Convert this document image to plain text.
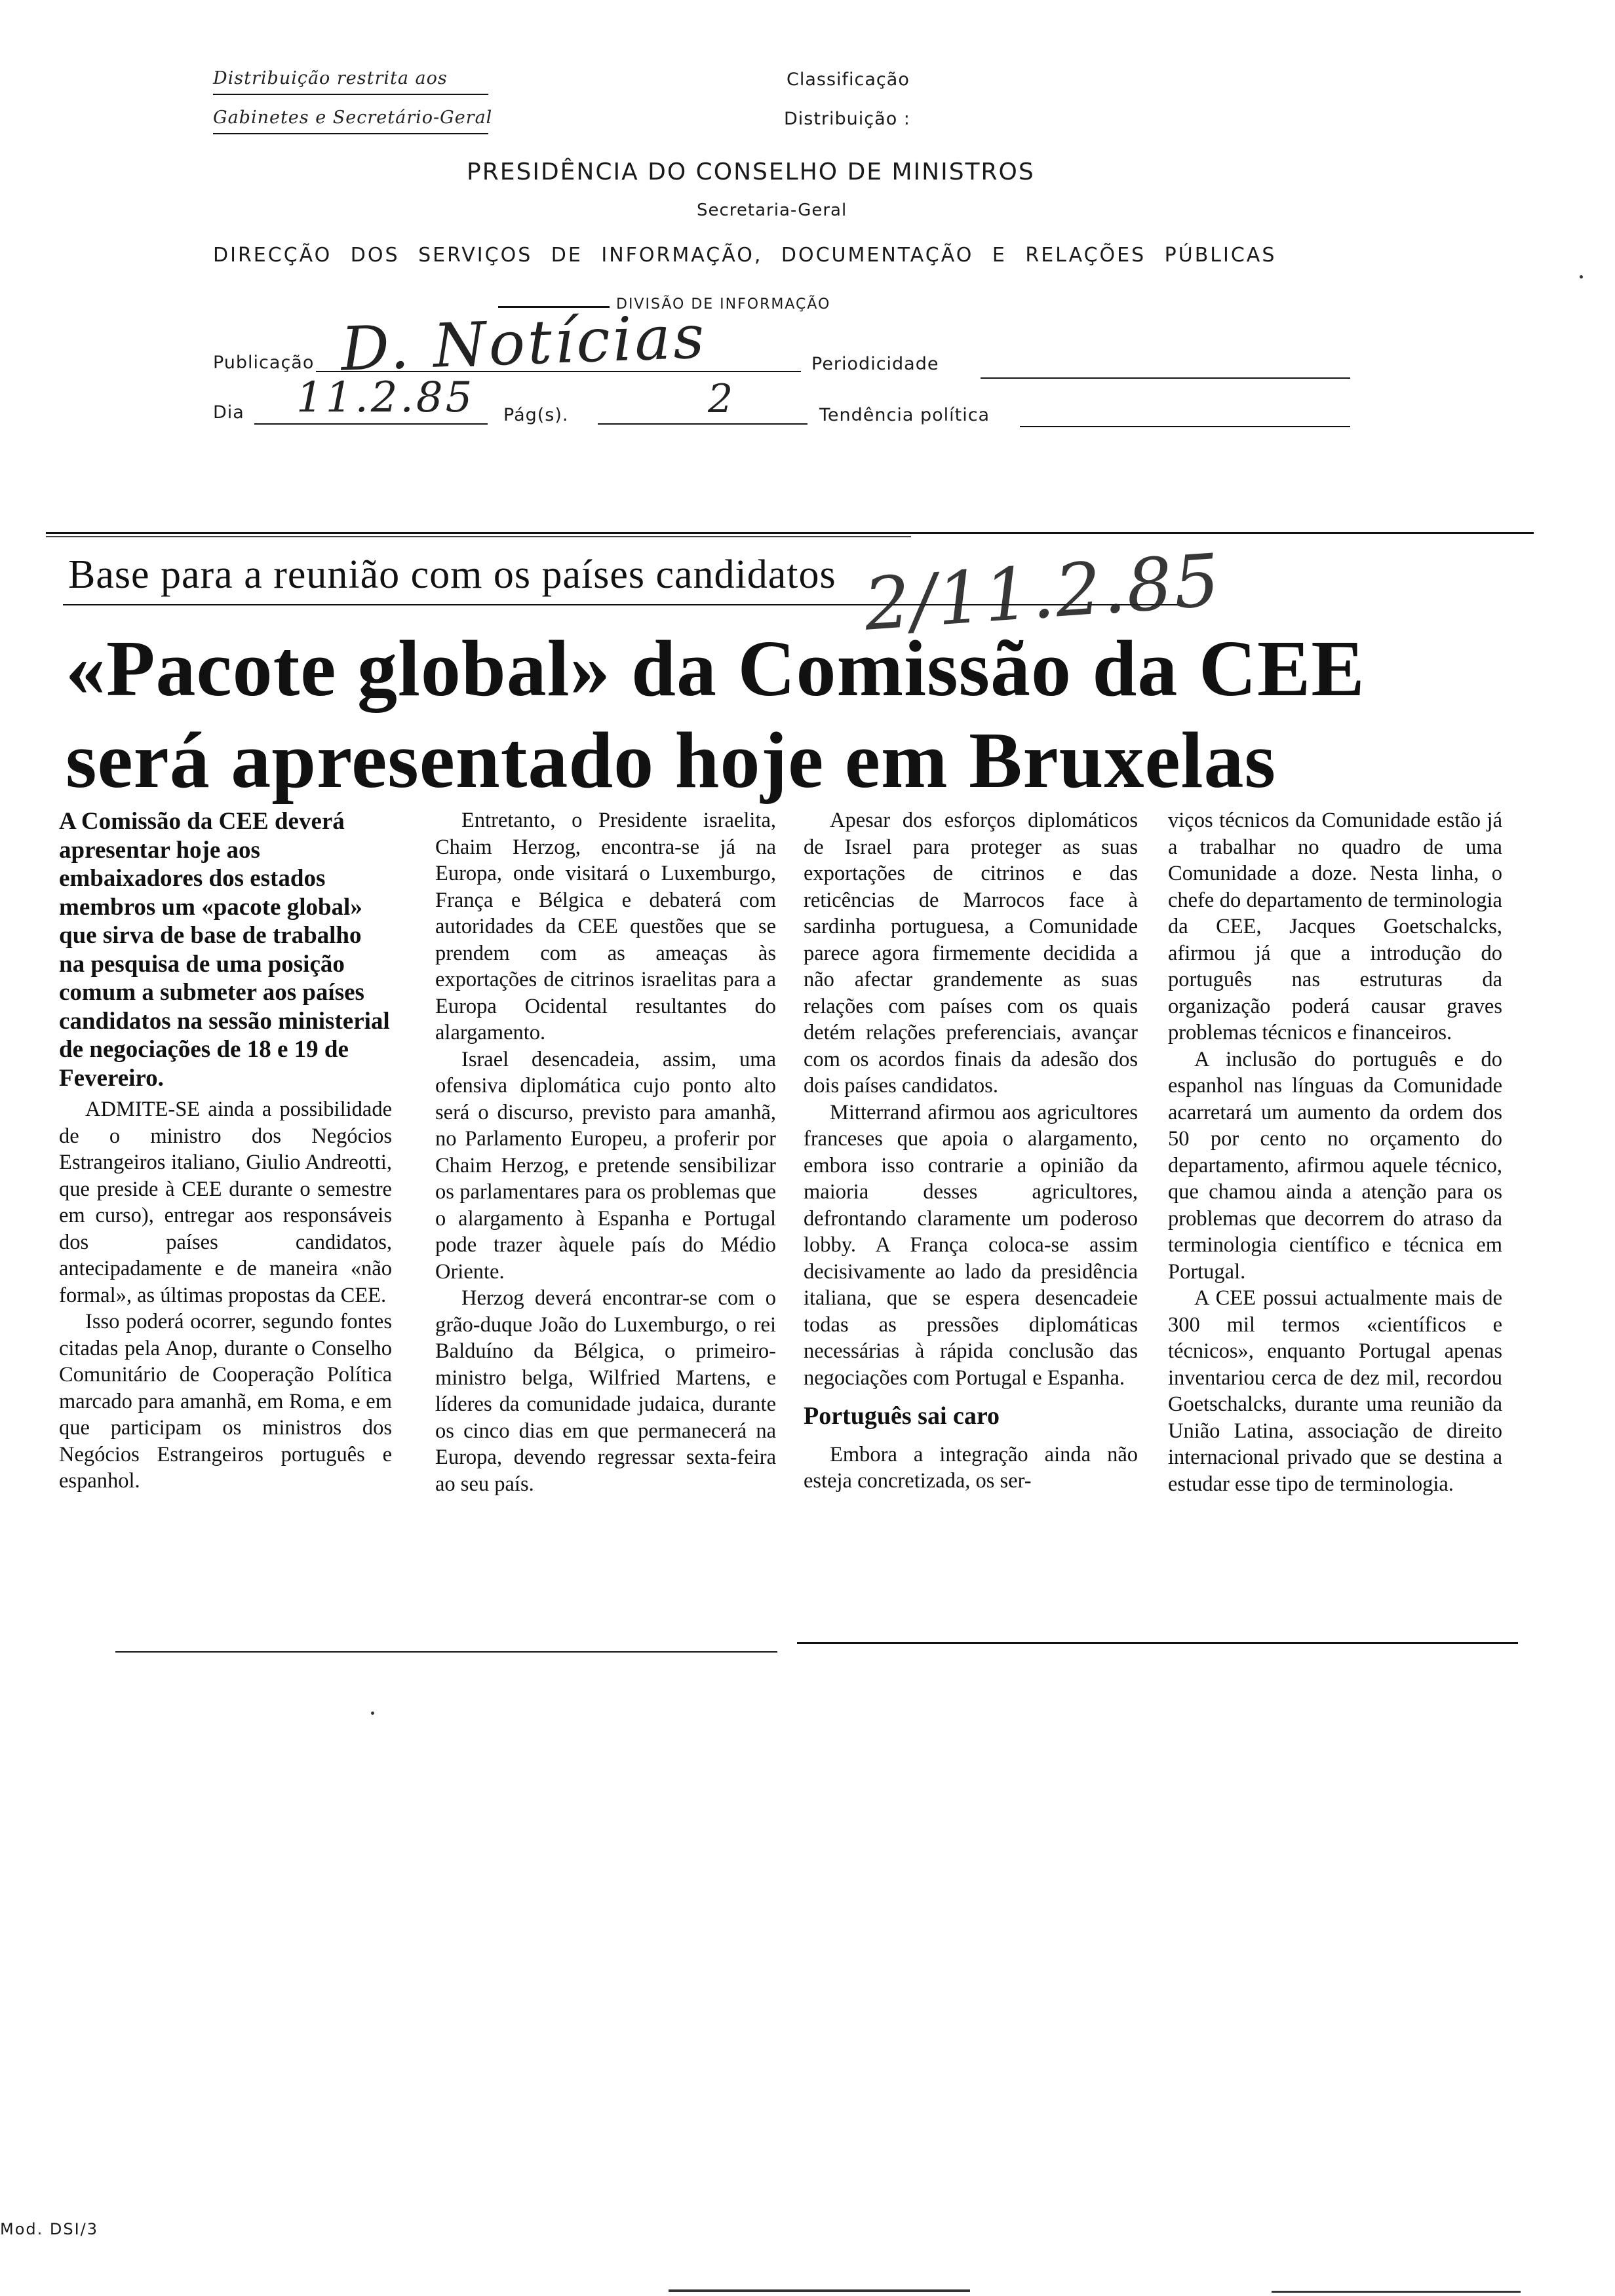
Distribuição restrita aos
Gabinetes e Secretário-Geral
Classificação
Distribuição :
PRESIDÊNCIA DO CONSELHO DE MINISTROS
Secretaria-Geral
DIRECÇÃO DOS SERVIÇOS DE INFORMAÇÃO, DOCUMENTAÇÃO E RELAÇÕES PÚBLICAS
DIVISÃO DE INFORMAÇÃO
Publicação D. Notícias	Periodicidade
Dia 11.2.85 Pág(s).	2	Tendência política
Base para a reunião com os países candidatos 2/11.2.85
«Pacote global» da Comissão da CEE
será apresentado hoje em Bruxelas

A Comissão da CEE deverá apresentar hoje aos embaixadores dos estados membros um «pacote global» que sirva de base de trabalho na pesquisa de uma posição comum a submeter aos países candidatos na sessão ministerial de negociações de 18 e 19 de Fevereiro.

ADMITE-SE ainda a possibilidade de o ministro dos Negócios Estrangeiros italiano, Giulio Andreotti, que preside à CEE durante o semestre em curso), entregar aos responsáveis dos países candidatos, antecipadamente e de maneira «não formal», as últimas propostas da CEE.

Isso poderá ocorrer, segundo fontes citadas pela Anop, durante o Conselho Comunitário de Cooperação Política marcado para amanhã, em Roma, e em que participam os ministros dos Negócios Estrangeiros português e espanhol.

Entretanto, o Presidente israelita, Chaim Herzog, encontra-se já na Europa, onde visitará o Luxemburgo, França e Bélgica e debaterá com autoridades da CEE questões que se prendem com as ameaças às exportações de citrinos israelitas para a Europa Ocidental resultantes do alargamento.

Israel desencadeia, assim, uma ofensiva diplomática cujo ponto alto será o discurso, previsto para amanhã, no Parlamento Europeu, a proferir por Chaim Herzog, e pretende sensibilizar os parlamentares para os problemas que o alargamento à Espanha e Portugal pode trazer àquele país do Médio Oriente.

Herzog deverá encontrar-se com o grão-duque João do Luxemburgo, o rei Balduíno da Bélgica, o primeiro-ministro belga, Wilfried Martens, e líderes da comunidade judaica, durante os cinco dias em que permanecerá na Europa, devendo regressar sexta-feira ao seu país.

Apesar dos esforços diplomáticos de Israel para proteger as suas exportações de citrinos e das reticências de Marrocos face à sardinha portuguesa, a Comunidade parece agora firmemente decidida a não afectar grandemente as suas relações com países com os quais detém relações preferenciais, avançar com os acordos finais da adesão dos dois países candidatos.

Mitterrand afirmou aos agricultores franceses que apoia o alargamento, embora isso contrarie a opinião da maioria desses agricultores, defrontando claramente um poderoso lobby. A França coloca-se assim decisivamente ao lado da presidência italiana, que se espera desencadeie todas as pressões diplomáticas necessárias à rápida conclusão das negociações com Portugal e Espanha.

Português sai caro

Embora a integração ainda não esteja concretizada, os ser-

viços técnicos da Comunidade estão já a trabalhar no quadro de uma Comunidade a doze. Nesta linha, o chefe do departamento de terminologia da CEE, Jacques Goetschalcks, afirmou já que a introdução do português nas estruturas da organização poderá causar graves problemas técnicos e financeiros.

A inclusão do português e do espanhol nas línguas da Comunidade acarretará um aumento da ordem dos 50 por cento no orçamento do departamento, afirmou aquele técnico, que chamou ainda a atenção para os problemas que decorrem do atraso da terminologia científico e técnica em Portugal.

A CEE possui actualmente mais de 300 mil termos «científicos e técnicos», enquanto Portugal apenas inventariou cerca de dez mil, recordou Goetschalcks, durante uma reunião da União Latina, associação de direito internacional privado que se destina a estudar esse tipo de terminologia.

Mod. DSI/3
